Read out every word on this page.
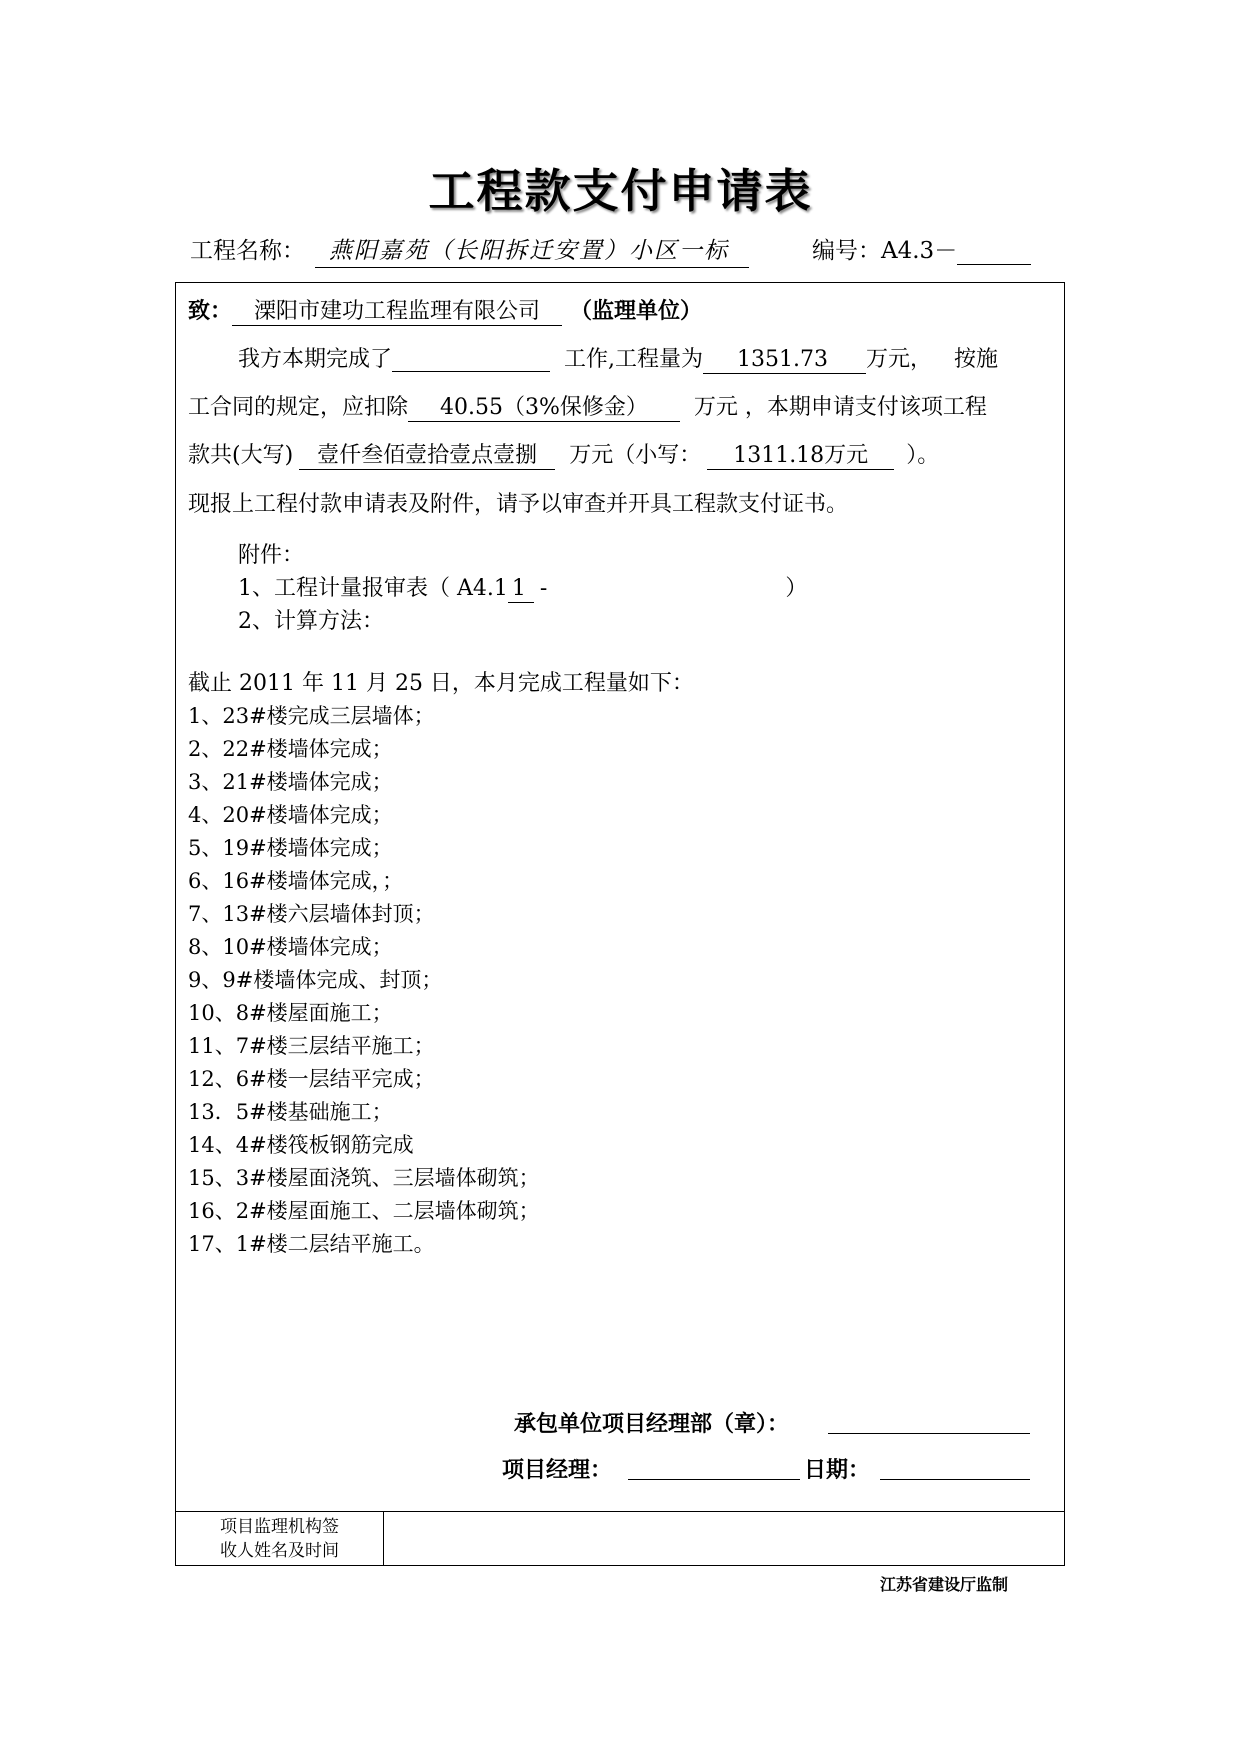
工程款支付申请表
工程名称： 燕阳嘉苑（长阳拆迁安置）小区一标	编号：A4.3－
致： 溧阳市建功工程监理有限公司 （监理单位）
我方本期完成了	工作,工程量为 1351.73 万元， 按施
工合同的规定，应扣除 40.55（3%保修金） 万元 ，本期申请支付该项工程
款共(大写) 壹仟叁佰壹拾壹点壹捌 万元（小写： 1311.18万元 ）。
现报上工程付款申请表及附件，请予以审查并开具工程款支付证书。
附件：
1、工程计量报审表（ A4.1 1 -	）
2、计算方法：
截止 2011 年 11 月 25 日，本月完成工程量如下：
1、23#楼完成三层墙体；
2、22#楼墙体完成；
3、21#楼墙体完成；
4、20#楼墙体完成；
5、19#楼墙体完成；
6、16#楼墙体完成，；
7、13#楼六层墙体封顶；
8、10#楼墙体完成；
9、9#楼墙体完成、封顶；
10、8#楼屋面施工；
11、7#楼三层结平施工；
12、6#楼一层结平完成；
13．5#楼基础施工；
14、4#楼筏板钢筋完成
15、3#楼屋面浇筑、三层墙体砌筑；
16、2#楼屋面施工、二层墙体砌筑；
17、1#楼二层结平施工。
承包单位项目经理部（章）：
项目经理：	日期：
项目监理机构签
收人姓名及时间
江苏省建设厅监制
